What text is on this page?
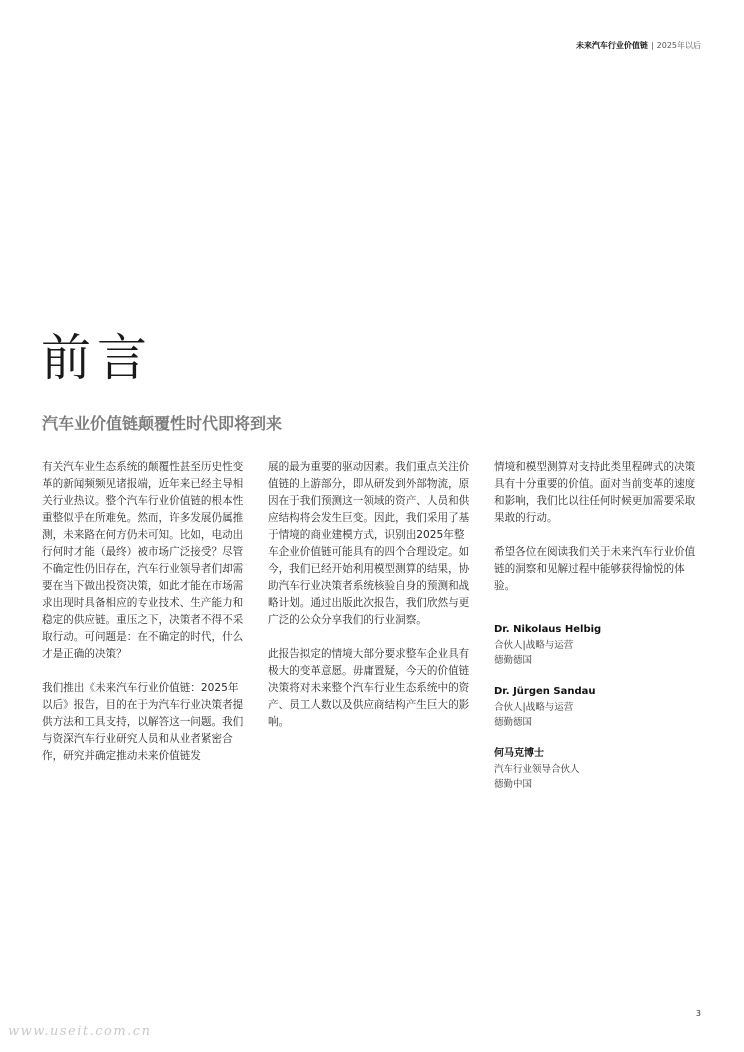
未来汽车行业价值链 | 2025年以后
前言
汽车业价值链颠覆性时代即将到来

有关汽车业生态系统的颠覆性甚至历史性变革的新闻频频见诸报端，近年来已经主导相关行业热议。整个汽车行业价值链的根本性重整似乎在所难免。然而，许多发展仍属推测，未来路在何方仍未可知。比如，电动出行何时才能（最终）被市场广泛接受？尽管不确定性仍旧存在，汽车行业领导者们却需要在当下做出投资决策，如此才能在市场需求出现时具备相应的专业技术、生产能力和稳定的供应链。重压之下，决策者不得不采取行动。可问题是：在不确定的时代，什么才是正确的决策？

我们推出《未来汽车行业价值链：2025年以后》报告，目的在于为汽车行业决策者提供方法和工具支持，以解答这一问题。我们与资深汽车行业研究人员和从业者紧密合作，研究并确定推动未来价值链发

展的最为重要的驱动因素。我们重点关注价值链的上游部分，即从研发到外部物流，原因在于我们预测这一领域的资产、人员和供应结构将会发生巨变。因此，我们采用了基于情境的商业建模方式，识别出2025年整车企业价值链可能具有的四个合理设定。如今，我们已经开始利用模型测算的结果，协助汽车行业决策者系统核验自身的预测和战略计划。通过出版此次报告，我们欣然与更广泛的公众分享我们的行业洞察。

此报告拟定的情境大部分要求整车企业具有极大的变革意愿。毋庸置疑，今天的价值链决策将对未来整个汽车行业生态系统中的资产、员工人数以及供应商结构产生巨大的影响。

情境和模型测算对支持此类里程碑式的决策具有十分重要的价值。面对当前变革的速度和影响，我们比以往任何时候更加需要采取果敢的行动。

希望各位在阅读我们关于未来汽车行业价值链的洞察和见解过程中能够获得愉悦的体验。

Dr. Nikolaus Helbig
合伙人|战略与运营
德勤德国
Dr. Jürgen Sandau
合伙人|战略与运营
德勤德国
何马克博士
汽车行业领导合伙人
德勤中国
3
www.useit.com.cn
